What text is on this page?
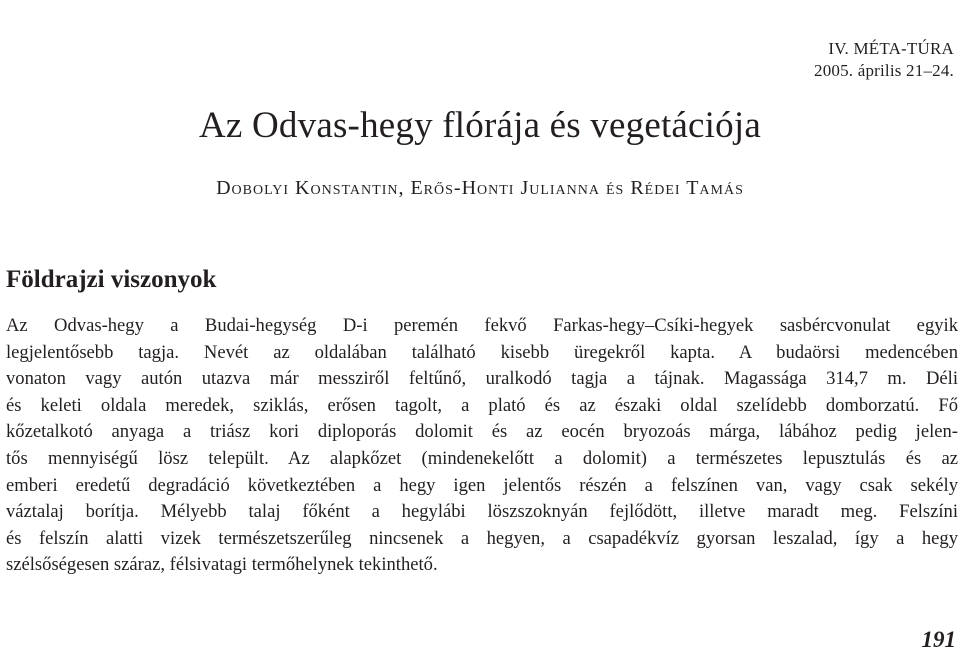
IV. MÉTA-TÚRA
2005. április 21–24.
Az Odvas-hegy flórája és vegetációja
Dobolyi Konstantin, Erős-Honti Julianna és Rédei Tamás
Földrajzi viszonyok
Az Odvas-hegy a Budai-hegység D-i peremén fekvő Farkas-hegy–Csíki-hegyek sasbércvonulat egyik
legjelentősebb tagja. Nevét az oldalában található kisebb üregekről kapta. A budaörsi medencében
vonaton vagy autón utazva már messziről feltűnő, uralkodó tagja a tájnak. Magassága 314,7 m. Déli
és keleti oldala meredek, sziklás, erősen tagolt, a plató és az északi oldal szelídebb domborzatú. Fő
kőzetalkotó anyaga a triász kori diploporás dolomit és az eocén bryozoás márga, lábához pedig jelen-
tős mennyiségű lösz települt. Az alapkőzet (mindenekelőtt a dolomit) a természetes lepusztulás és az
emberi eredetű degradáció következtében a hegy igen jelentős részén a felszínen van, vagy csak sekély
váztalaj borítja. Mélyebb talaj főként a hegylábi löszszoknyán fejlődött, illetve maradt meg. Felszíni
és felszín alatti vizek természetszerűleg nincsenek a hegyen, a csapadékvíz gyorsan leszalad, így a hegy
szélsőségesen száraz, félsivatagi termőhelynek tekinthető.
191
